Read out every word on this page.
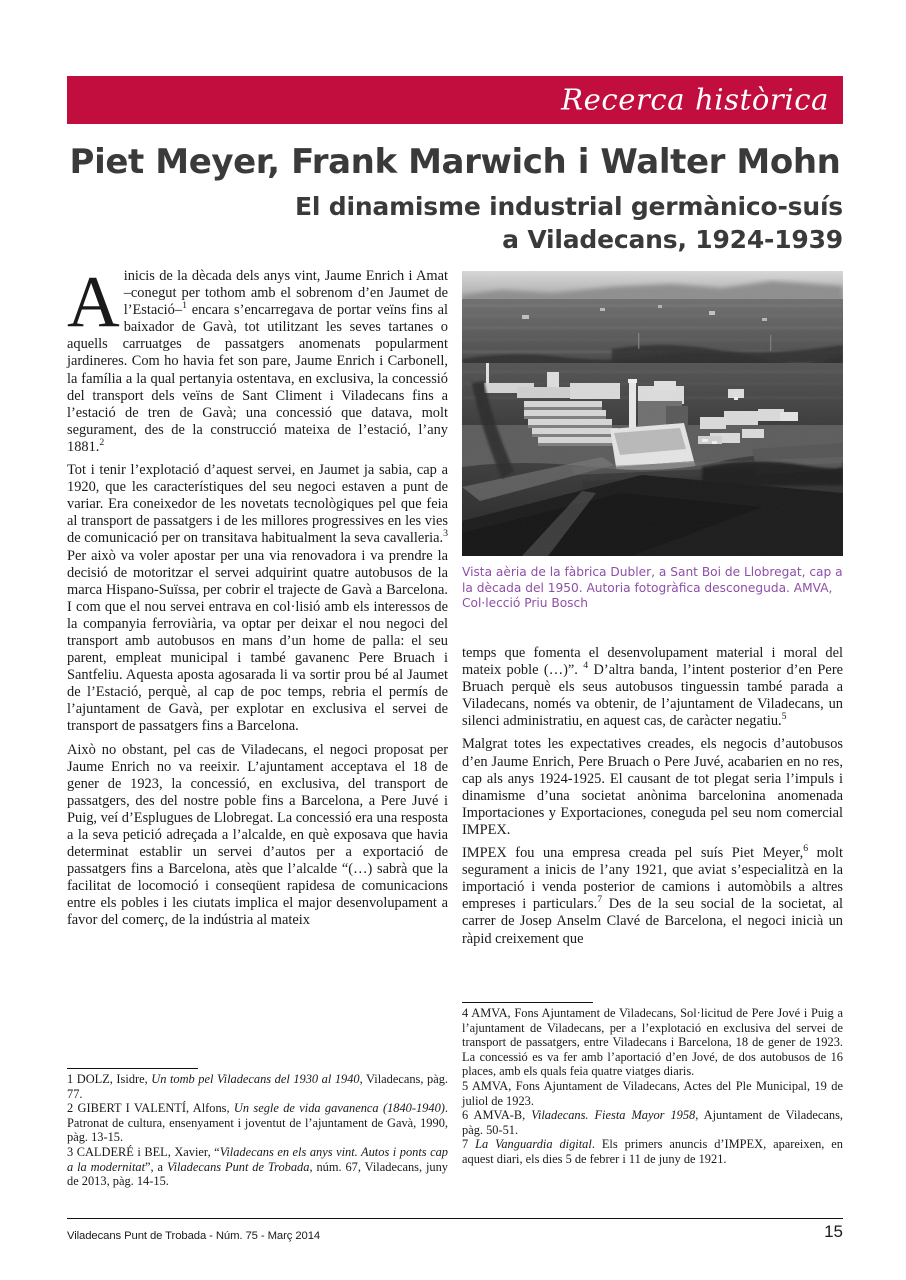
Recerca històrica
Piet Meyer, Frank Marwich i Walter Mohn
El dinamisme industrial germànico-suís
a Viladecans, 1924-1939

Ainicis de la dècada dels anys vint, Jaume Enrich i Amat –conegut per tothom amb el sobrenom d’en Jaumet de l’Estació–$^1$ encara s’encarregava de portar veïns fins al baixador de Gavà, tot utilitzant les seves tartanes o aquells carruatges de passatgers anomenats popularment jardineres. Com ho havia fet son pare, Jaume Enrich i Carbonell, la família a la qual pertanyia ostentava, en exclusiva, la concessió del transport dels veïns de Sant Climent i Viladecans fins a l’estació de tren de Gavà; una concessió que datava, molt segurament, des de la construcció mateixa de l’estació, l’any 1881.$^2$

Tot i tenir l’explotació d’aquest servei, en Jaumet ja sabia, cap a 1920, que les característiques del seu negoci estaven a punt de variar. Era coneixedor de les novetats tecnològiques pel que feia al transport de passatgers i de les millores progressives en les vies de comunicació per on transitava habitualment la seva cavalleria.$^3$ Per això va voler apostar per una via renovadora i va prendre la decisió de motoritzar el servei adquirint quatre autobusos de la marca Hispano-Suïssa, per cobrir el trajecte de Gavà a Barcelona. I com que el nou servei entrava en col·lisió amb els interessos de la companyia ferroviària, va optar per deixar el nou negoci del transport amb autobusos en mans d’un home de palla: el seu parent, empleat municipal i també gavanenc Pere Bruach i Santfeliu. Aquesta aposta agosarada li va sortir prou bé al Jaumet de l’Estació, perquè, al cap de poc temps, rebria el permís de l’ajuntament de Gavà, per explotar en exclusiva el servei de transport de passatgers fins a Barcelona.

Això no obstant, pel cas de Viladecans, el negoci proposat per Jaume Enrich no va reeixir. L’ajuntament acceptava el 18 de gener de 1923, la concessió, en exclusiva, del transport de passatgers, des del nostre poble fins a Barcelona, a Pere Juvé i Puig, veí d’Esplugues de Llobregat. La concessió era una resposta a la seva petició adreçada a l’alcalde, en què exposava que havia determinat establir un servei d’autos per a exportació de passatgers fins a Barcelona, atès que l’alcalde “(…) sabrà que la facilitat de locomoció i conseqüent rapidesa de comunicacions entre els pobles i les ciutats implica el major desenvolupament a favor del comerç, de la indústria al mateix

Vista aèria de la fàbrica Dubler, a Sant Boi de Llobregat, cap a la dècada del 1950. Autoria fotogràfica desconeguda. AMVA, Col·lecció Priu Bosch

temps que fomenta el desenvolupament material i moral del mateix poble (…)”. $^4$ D’altra banda, l’intent posterior d’en Pere Bruach perquè els seus autobusos tinguessin també parada a Viladecans, només va obtenir, de l’ajuntament de Viladecans, un silenci administratiu, en aquest cas, de caràcter negatiu.$^5$

Malgrat totes les expectatives creades, els negocis d’autobusos d’en Jaume Enrich, Pere Bruach o Pere Juvé, acabarien en no res, cap als anys 1924-1925. El causant de tot plegat seria l’impuls i dinamisme d’una societat anònima barcelonina anomenada Importaciones y Exportaciones, coneguda pel seu nom comercial IMPEX.

IMPEX fou una empresa creada pel suís Piet Meyer,$^6$ molt segurament a inicis de l’any 1921, que aviat s’especialitzà en la importació i venda posterior de camions i automòbils a altres empreses i particulars.$^7$ Des de la seu social de la societat, al carrer de Josep Anselm Clavé de Barcelona, el negoci inicià un ràpid creixement que

1 DOLZ, Isidre, Un tomb pel Viladecans del 1930 al 1940, Viladecans, pàg. 77.

2 GIBERT I VALENTÍ, Alfons, Un segle de vida gavanenca (1840-1940). Patronat de cultura, ensenyament i joventut de l’ajuntament de Gavà, 1990, pàg. 13-15.

3 CALDERÉ i BEL, Xavier, “Viladecans en els anys vint. Autos i ponts cap a la modernitat”, a Viladecans Punt de Trobada, núm. 67, Viladecans, juny de 2013, pàg. 14-15.

4 AMVA, Fons Ajuntament de Viladecans, Sol·licitud de Pere Jové i Puig a l’ajuntament de Viladecans, per a l’explotació en exclusiva del servei de transport de passatgers, entre Viladecans i Barcelona, 18 de gener de 1923. La concessió es va fer amb l’aportació d’en Jové, de dos autobusos de 16 places, amb els quals feia quatre viatges diaris.

5 AMVA, Fons Ajuntament de Viladecans, Actes del Ple Municipal, 19 de juliol de 1923.

6 AMVA-B, Viladecans. Fiesta Mayor 1958, Ajuntament de Viladecans, pàg. 50-51.

7 La Vanguardia digital. Els primers anuncis d’IMPEX, apareixen, en aquest diari, els dies 5 de febrer i 11 de juny de 1921.

Viladecans Punt de Trobada - Núm. 75 - Març 2014	15
